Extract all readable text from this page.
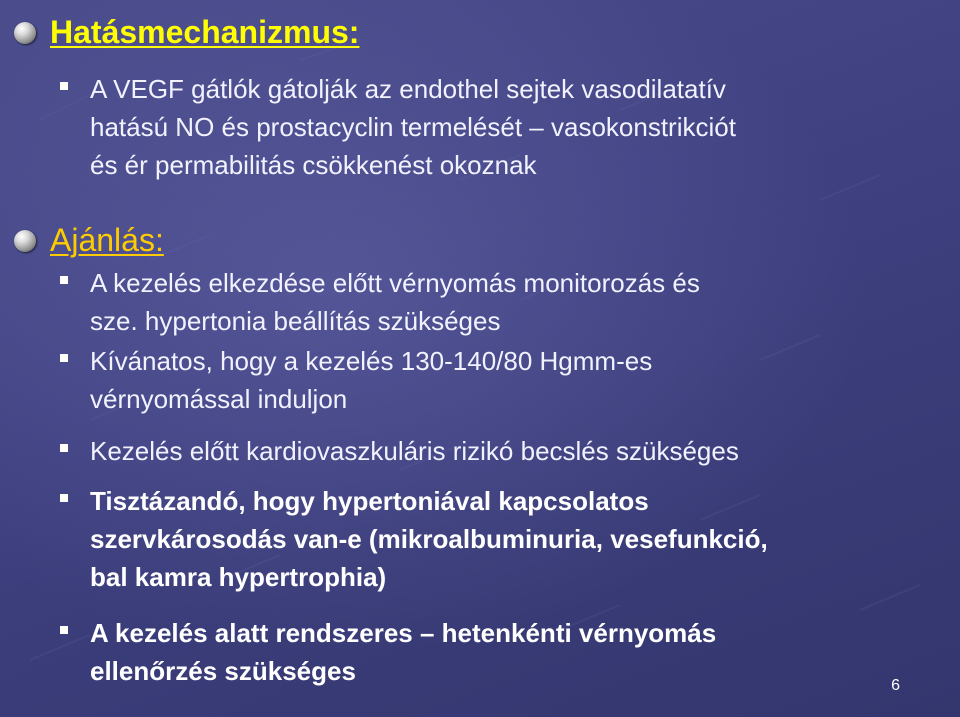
Hatásmechanizmus:
A VEGF gátlók gátolják az endothel sejtek vasodilatatív
hatású NO és prostacyclin termelését – vasokonstrikciót
és ér permabilitás csökkenést okoznak
Ajánlás:
A kezelés elkezdése előtt vérnyomás monitorozás és
sze. hypertonia beállítás szükséges
Kívánatos, hogy a kezelés 130-140/80 Hgmm-es
vérnyomással induljon
Kezelés előtt kardiovaszkuláris rizikó becslés szükséges
Tisztázandó, hogy hypertoniával kapcsolatos
szervkárosodás van-e (mikroalbuminuria, vesefunkció,
bal kamra hypertrophia)
A kezelés alatt rendszeres – hetenkénti vérnyomás
ellenőrzés szükséges	6
